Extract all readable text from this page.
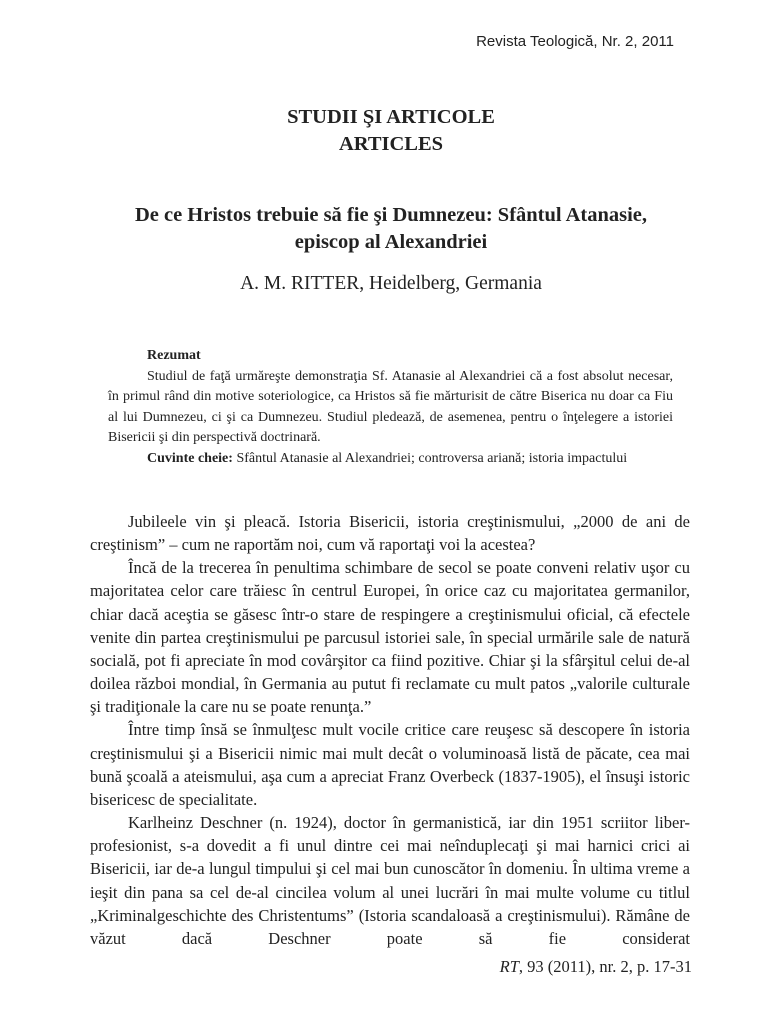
Revista Teologică, Nr. 2, 2011
STUDII ŞI ARTICOLE
ARTICLES
De ce Hristos trebuie să fie şi Dumnezeu: Sfântul Atanasie,
episcop al Alexandriei
A. M. RITTER, Heidelberg, Germania

Rezumat

Studiul de faţă urmăreşte demonstraţia Sf. Atanasie al Alexandriei că a fost absolut necesar, în primul rând din motive soteriologice, ca Hristos să fie mărturisit de către Biserica nu doar ca Fiu al lui Dumnezeu, ci şi ca Dumnezeu. Studiul pledează, de asemenea, pentru o înţelegere a istoriei Bisericii şi din perspectivă doctrinară.

Cuvinte cheie: Sfântul Atanasie al Alexandriei; controversa ariană; istoria impactului

Jubileele vin şi pleacă. Istoria Bisericii, istoria creştinismului, „2000 de ani de creştinism” – cum ne raportăm noi, cum vă raportaţi voi la acestea?

Încă de la trecerea în penultima schimbare de secol se poate conveni relativ uşor cu majoritatea celor care trăiesc în centrul Europei, în orice caz cu majoritatea germanilor, chiar dacă aceştia se găsesc într-o stare de respingere a creştinismului oficial, că efectele venite din partea creştinismului pe parcusul istoriei sale, în special urmările sale de natură socială, pot fi apreciate în mod covârşitor ca fiind pozitive. Chiar şi la sfârşitul celui de-al doilea război mondial, în Germania au putut fi reclamate cu mult patos „valorile culturale şi tradiţionale la care nu se poate renunţa.”

Între timp însă se înmulţesc mult vocile critice care reuşesc să descopere în istoria creştinismului şi a Bisericii nimic mai mult decât o voluminoasă listă de păcate, cea mai bună şcoală a ateismului, aşa cum a apreciat Franz Overbeck (1837-1905), el însuşi istoric bisericesc de specialitate.

Karlheinz Deschner (n. 1924), doctor în germanistică, iar din 1951 scriitor liber-profesionist, s-a dovedit a fi unul dintre cei mai neînduplecaţi şi mai harnici crici ai Bisericii, iar de-a lungul timpului şi cel mai bun cunoscător în domeniu. În ultima vreme a ieşit din pana sa cel de-al cincilea volum al unei lucrări în mai multe volume cu titlul „Kriminalgeschichte des Christentums” (Istoria scandaloasă a creştinismului). Rămâne de văzut dacă Deschner poate să fie considerat

RT, 93 (2011), nr. 2, p. 17-31
